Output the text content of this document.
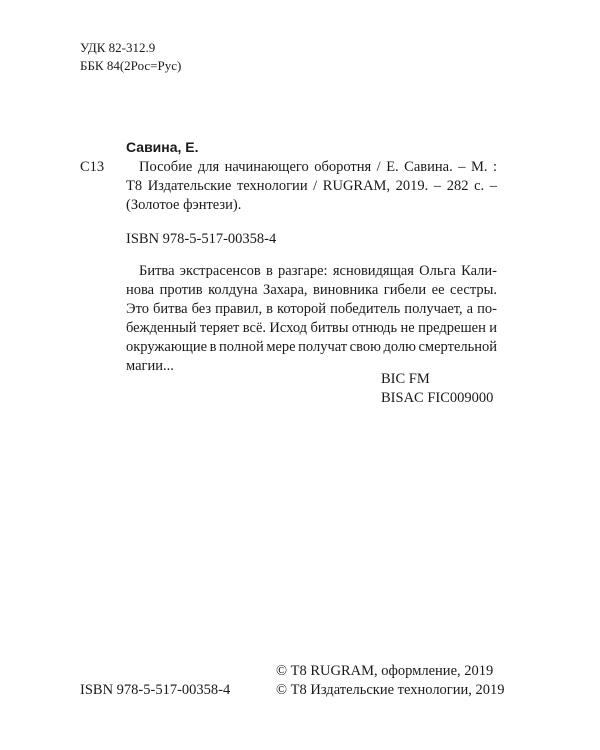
УДК 82-312.9
ББК 84(2Рос=Рус)
Савина, Е.
С13 Пособие для начинающего оборотня / Е. Савина. – М. :
Т8 Издательские технологии / RUGRAM, 2019. – 282 с. –
(Золотое фэнтези).
ISBN 978-5-517-00358-4
Битва экстрасенсов в разгаре: ясновидящая Ольга Кали-
нова против колдуна Захара, виновника гибели ее сестры.
Это битва без правил, в которой победитель получает, а по-
бежденный теряет всё. Исход битвы отнюдь не предрешен и
окружающие в полной мере получат свою долю смертельной
магии...
BIC FM
BISAC FIC009000
© Т8 RUGRAM, оформление, 2019
ISBN 978-5-517-00358-4	© Т8 Издательские технологии, 2019
